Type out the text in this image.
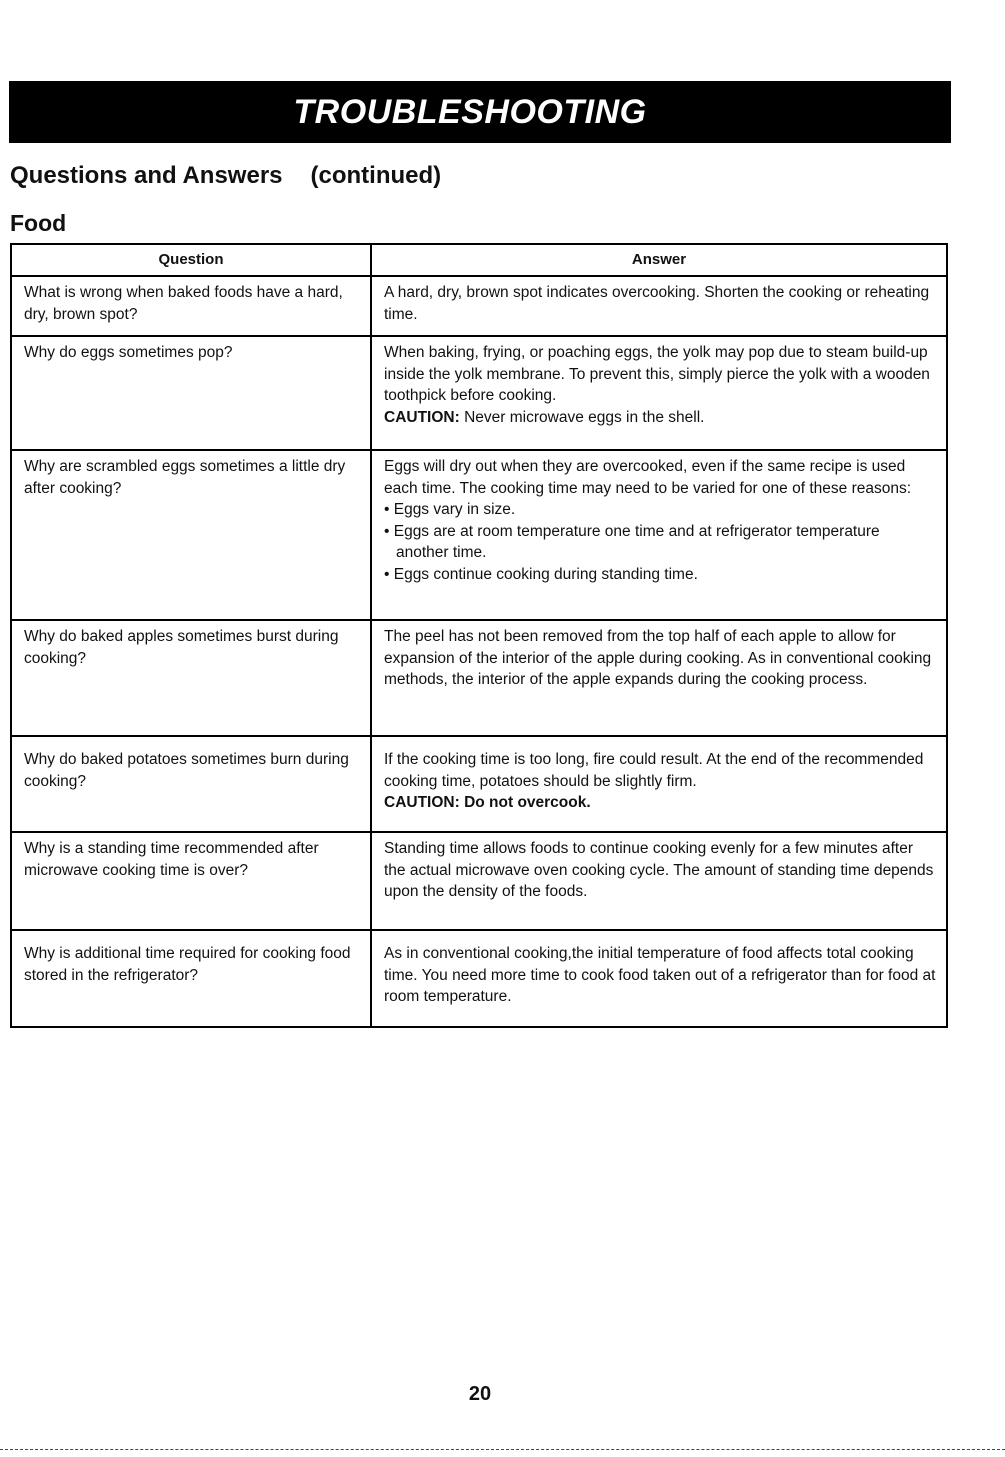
TROUBLESHOOTING
Questions and Answers (continued)
Food
Question	Answer
What is wrong when baked foods have a hard, dry, brown spot?	A hard, dry, brown spot indicates overcooking. Shorten the cooking or reheating time.
Why do eggs sometimes pop?	When baking, frying, or poaching eggs, the yolk may pop due to steam build-up inside the yolk membrane. To prevent this, simply pierce the yolk with a wooden toothpick before cooking.
CAUTION: Never microwave eggs in the shell.
Why are scrambled eggs sometimes a little dry after cooking?	Eggs will dry out when they are overcooked, even if the same recipe is used each time. The cooking time may need to be varied for one of these reasons:
• Eggs vary in size.
• Eggs are at room temperature one time and at refrigerator temperature another time.
• Eggs continue cooking during standing time.

Why do baked apples sometimes burst during cooking?	The peel has not been removed from the top half of each apple to allow for expansion of the interior of the apple during cooking. As in conventional cooking methods, the interior of the apple expands during the cooking process.
Why do baked potatoes sometimes burn during cooking?	If the cooking time is too long, fire could result. At the end of the recommended cooking time, potatoes should be slightly firm.
CAUTION: Do not overcook.
Why is a standing time recommended after microwave cooking time is over?	Standing time allows foods to continue cooking evenly for a few minutes after the actual microwave oven cooking cycle. The amount of standing time depends upon the density of the foods.
Why is additional time required for cooking food stored in the refrigerator?	As in conventional cooking,the initial temperature of food affects total cooking time. You need more time to cook food taken out of a refrigerator than for food at room temperature.
20
